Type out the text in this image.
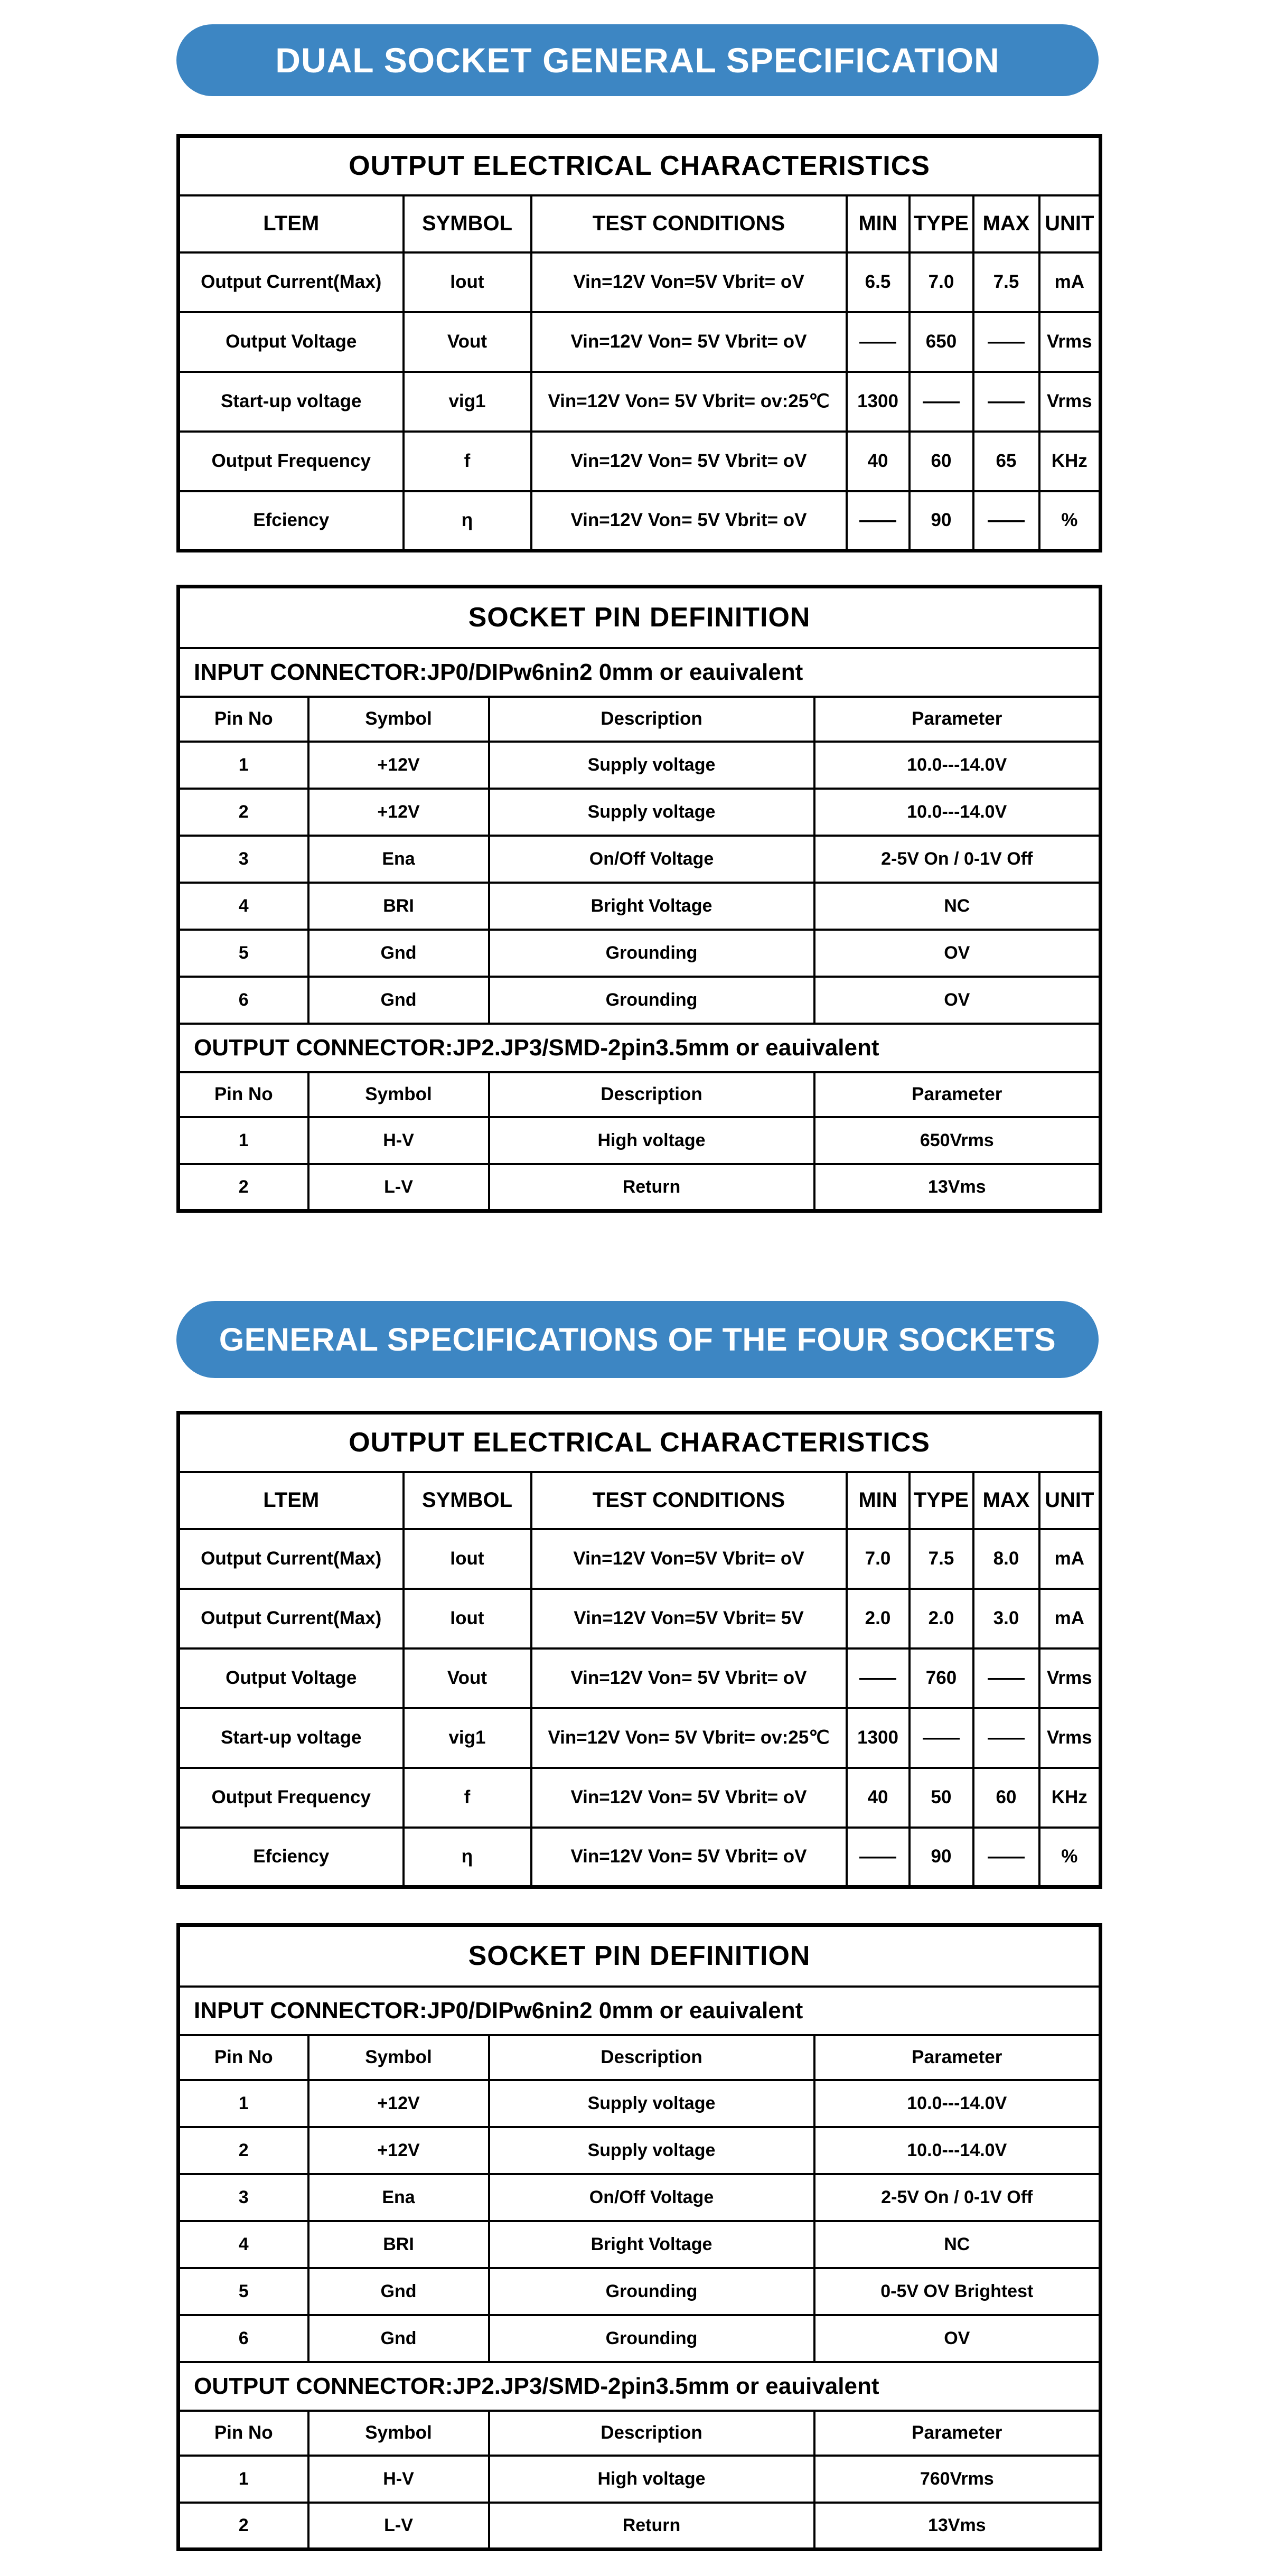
DUAL SOCKET GENERAL SPECIFICATION
OUTPUT ELECTRICAL CHARACTERISTICS						
LTEM	SYMBOL	TEST CONDITIONS	MIN	TYPE	MAX	UNIT
Output Current(Max)	Iout	Vin=12V Von=5V Vbrit= oV	6.5	7.0	7.5	mA
Output Voltage	Vout	Vin=12V Von= 5V Vbrit= oV	——	650	——	Vrms
Start-up voltage	vig1	Vin=12V Von= 5V Vbrit= ov:25℃	1300	——	——	Vrms
Output Frequency	f	Vin=12V Von= 5V Vbrit= oV	40	60	65	KHz
Efciency	η	Vin=12V Von= 5V Vbrit= oV	——	90	——	%
SOCKET PIN DEFINITION			
INPUT CONNECTOR:JP0/DIPw6nin2 0mm or eauivalent			
Pin No	Symbol	Description	Parameter
1	+12V	Supply voltage	10.0---14.0V
2	+12V	Supply voltage	10.0---14.0V
3	Ena	On/Off Voltage	2-5V On / 0-1V Off
4	BRI	Bright Voltage	NC
5	Gnd	Grounding	OV
6	Gnd	Grounding	OV
OUTPUT CONNECTOR:JP2.JP3/SMD-2pin3.5mm or eauivalent			
Pin No	Symbol	Description	Parameter
1	H-V	High voltage	650Vrms
2	L-V	Return	13Vms
GENERAL SPECIFICATIONS OF THE FOUR SOCKETS
OUTPUT ELECTRICAL CHARACTERISTICS						
LTEM	SYMBOL	TEST CONDITIONS	MIN	TYPE	MAX	UNIT
Output Current(Max)	Iout	Vin=12V Von=5V Vbrit= oV	7.0	7.5	8.0	mA
Output Current(Max)	Iout	Vin=12V Von=5V Vbrit= 5V	2.0	2.0	3.0	mA
Output Voltage	Vout	Vin=12V Von= 5V Vbrit= oV	——	760	——	Vrms
Start-up voltage	vig1	Vin=12V Von= 5V Vbrit= ov:25℃	1300	——	——	Vrms
Output Frequency	f	Vin=12V Von= 5V Vbrit= oV	40	50	60	KHz
Efciency	η	Vin=12V Von= 5V Vbrit= oV	——	90	——	%
SOCKET PIN DEFINITION			
INPUT CONNECTOR:JP0/DIPw6nin2 0mm or eauivalent			
Pin No	Symbol	Description	Parameter
1	+12V	Supply voltage	10.0---14.0V
2	+12V	Supply voltage	10.0---14.0V
3	Ena	On/Off Voltage	2-5V On / 0-1V Off
4	BRI	Bright Voltage	NC
5	Gnd	Grounding	0-5V OV Brightest
6	Gnd	Grounding	OV
OUTPUT CONNECTOR:JP2.JP3/SMD-2pin3.5mm or eauivalent			
Pin No	Symbol	Description	Parameter
1	H-V	High voltage	760Vrms
2	L-V	Return	13Vms
